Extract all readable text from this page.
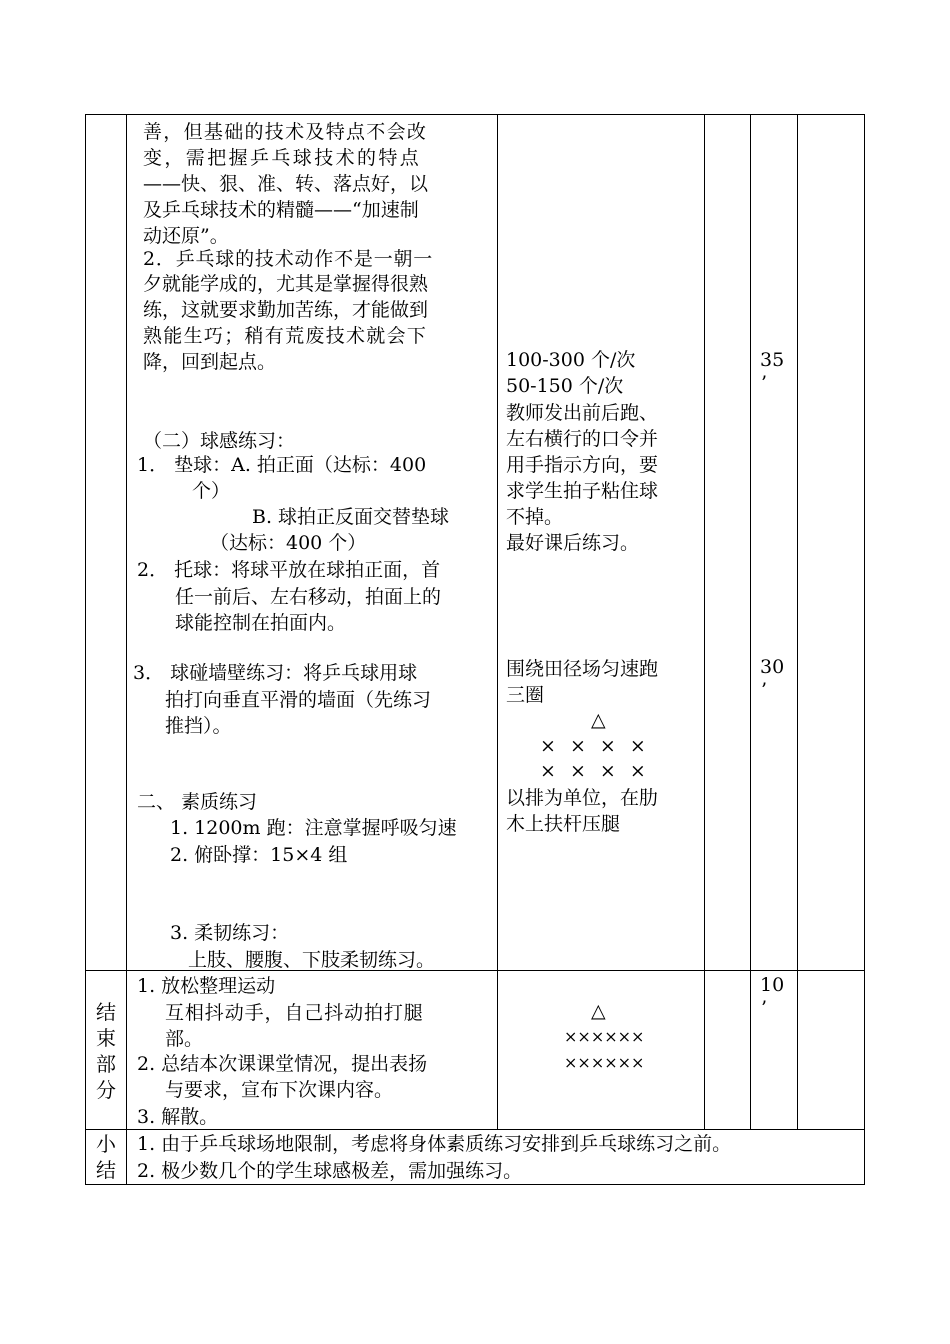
善，但基础的技术及特点不会改
变，需把握乒乓球技术的特点
——快、狠、准、转、落点好，以
及乒乓球技术的精髓——“加速制
动还原”。
2．乒乓球的技术动作不是一朝一
夕就能学成的，尤其是掌握得很熟
练，这就要求勤加苦练，才能做到
熟能生巧；稍有荒废技术就会下
降，回到起点。
（二）球感练习：
1． 垫球：A. 拍正面（达标：400
个）
B. 球拍正反面交替垫球
（达标：400 个）
2． 托球：将球平放在球拍正面，首
任一前后、左右移动，拍面上的
球能控制在拍面内。
3． 球碰墙壁练习：将乒乓球用球
拍打向垂直平滑的墙面（先练习
推挡）。
二、 素质练习
1. 1200m 跑：注意掌握呼吸匀速
2. 俯卧撑：15×4 组
3. 柔韧练习：
上肢、腰腹、下肢柔韧练习。
100-300 个/次
50-150 个/次
教师发出前后跑、
左右横行的口令并
用手指示方向，要
求学生拍子粘住球
不掉。
最好课后练习。
围绕田径场匀速跑
三圈
△
× × × ×
× × × ×
以排为单位，在肋
木上扶杆压腿
35
’
30
’
结
束
部
分
1. 放松整理运动
互相抖动手，自己抖动拍打腿
部。
2. 总结本次课课堂情况，提出表扬
与要求，宣布下次课内容。
3. 解散。
△
××××××
××××××
10
’
小
结
1. 由于乒乓球场地限制，考虑将身体素质练习安排到乒乓球练习之前。
2. 极少数几个的学生球感极差，需加强练习。
